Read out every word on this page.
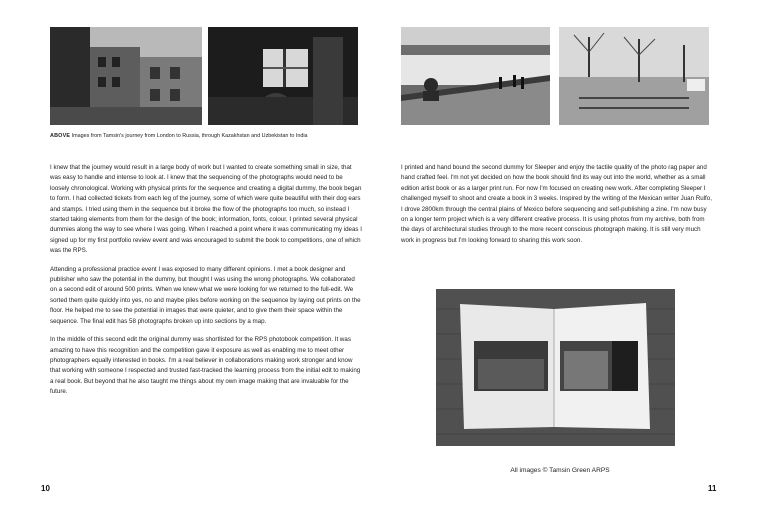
ABOVE Images from Tamsin's journey from London to Russia, through Kazakhstan and Uzbekistan to India

I knew that the journey would result in a large body of work but I wanted to create something small in size, that was easy to handle and intense to look at. I knew that the sequencing of the photographs would need to be loosely chronological. Working with physical prints for the sequence and creating a digital dummy, the book began to form. I had collected tickets from each leg of the journey, some of which were quite beautiful with their dog ears and stamps. I tried using them in the sequence but it broke the flow of the photographs too much, so instead I started taking elements from them for the design of the book; information, fonts, colour. I printed several physical dummies along the way to see where I was going. When I reached a point where it was communicating my ideas I signed up for my first portfolio review event and was encouraged to submit the book to competitions, one of which was the RPS.

Attending a professional practice event I was exposed to many different opinions. I met a book designer and publisher who saw the potential in the dummy, but thought I was using the wrong photographs. We collaborated on a second edit of around 500 prints. When we knew what we were looking for we returned to the full-edit. We sorted them quite quickly into yes, no and maybe piles before working on the sequence by laying out prints on the floor. He helped me to see the potential in images that were quieter, and to give them their space within the sequence. The final edit has 58 photographs broken up into sections by a map.

In the middle of this second edit the original dummy was shortlisted for the RPS photobook competition. It was amazing to have this recognition and the competition gave it exposure as well as enabling me to meet other photographers equally interested in books. I'm a real believer in collaborations making work stronger and know that working with someone I respected and trusted fast-tracked the learning process from the initial edit to making a real book. But beyond that he also taught me things about my own image making that are invaluable for the future.

I printed and hand bound the second dummy for Sleeper and enjoy the tactile quality of the photo rag paper and hand crafted feel. I'm not yet decided on how the book should find its way out into the world, whether as a small edition artist book or as a larger print run. For now I'm focused on creating new work. After completing Sleeper I challenged myself to shoot and create a book in 3 weeks. Inspired by the writing of the Mexican writer Juan Rulfo, I drove 2800km through the central plains of Mexico before sequencing and self-publishing a zine. I'm now busy on a longer term project which is a very different creative process. It is using photos from my archive, both from the days of architectural studies through to the more recent conscious photograph making. It is still very much work in progress but I'm looking forward to sharing this work soon.

All images © Tamsin Green ARPS
10	11
